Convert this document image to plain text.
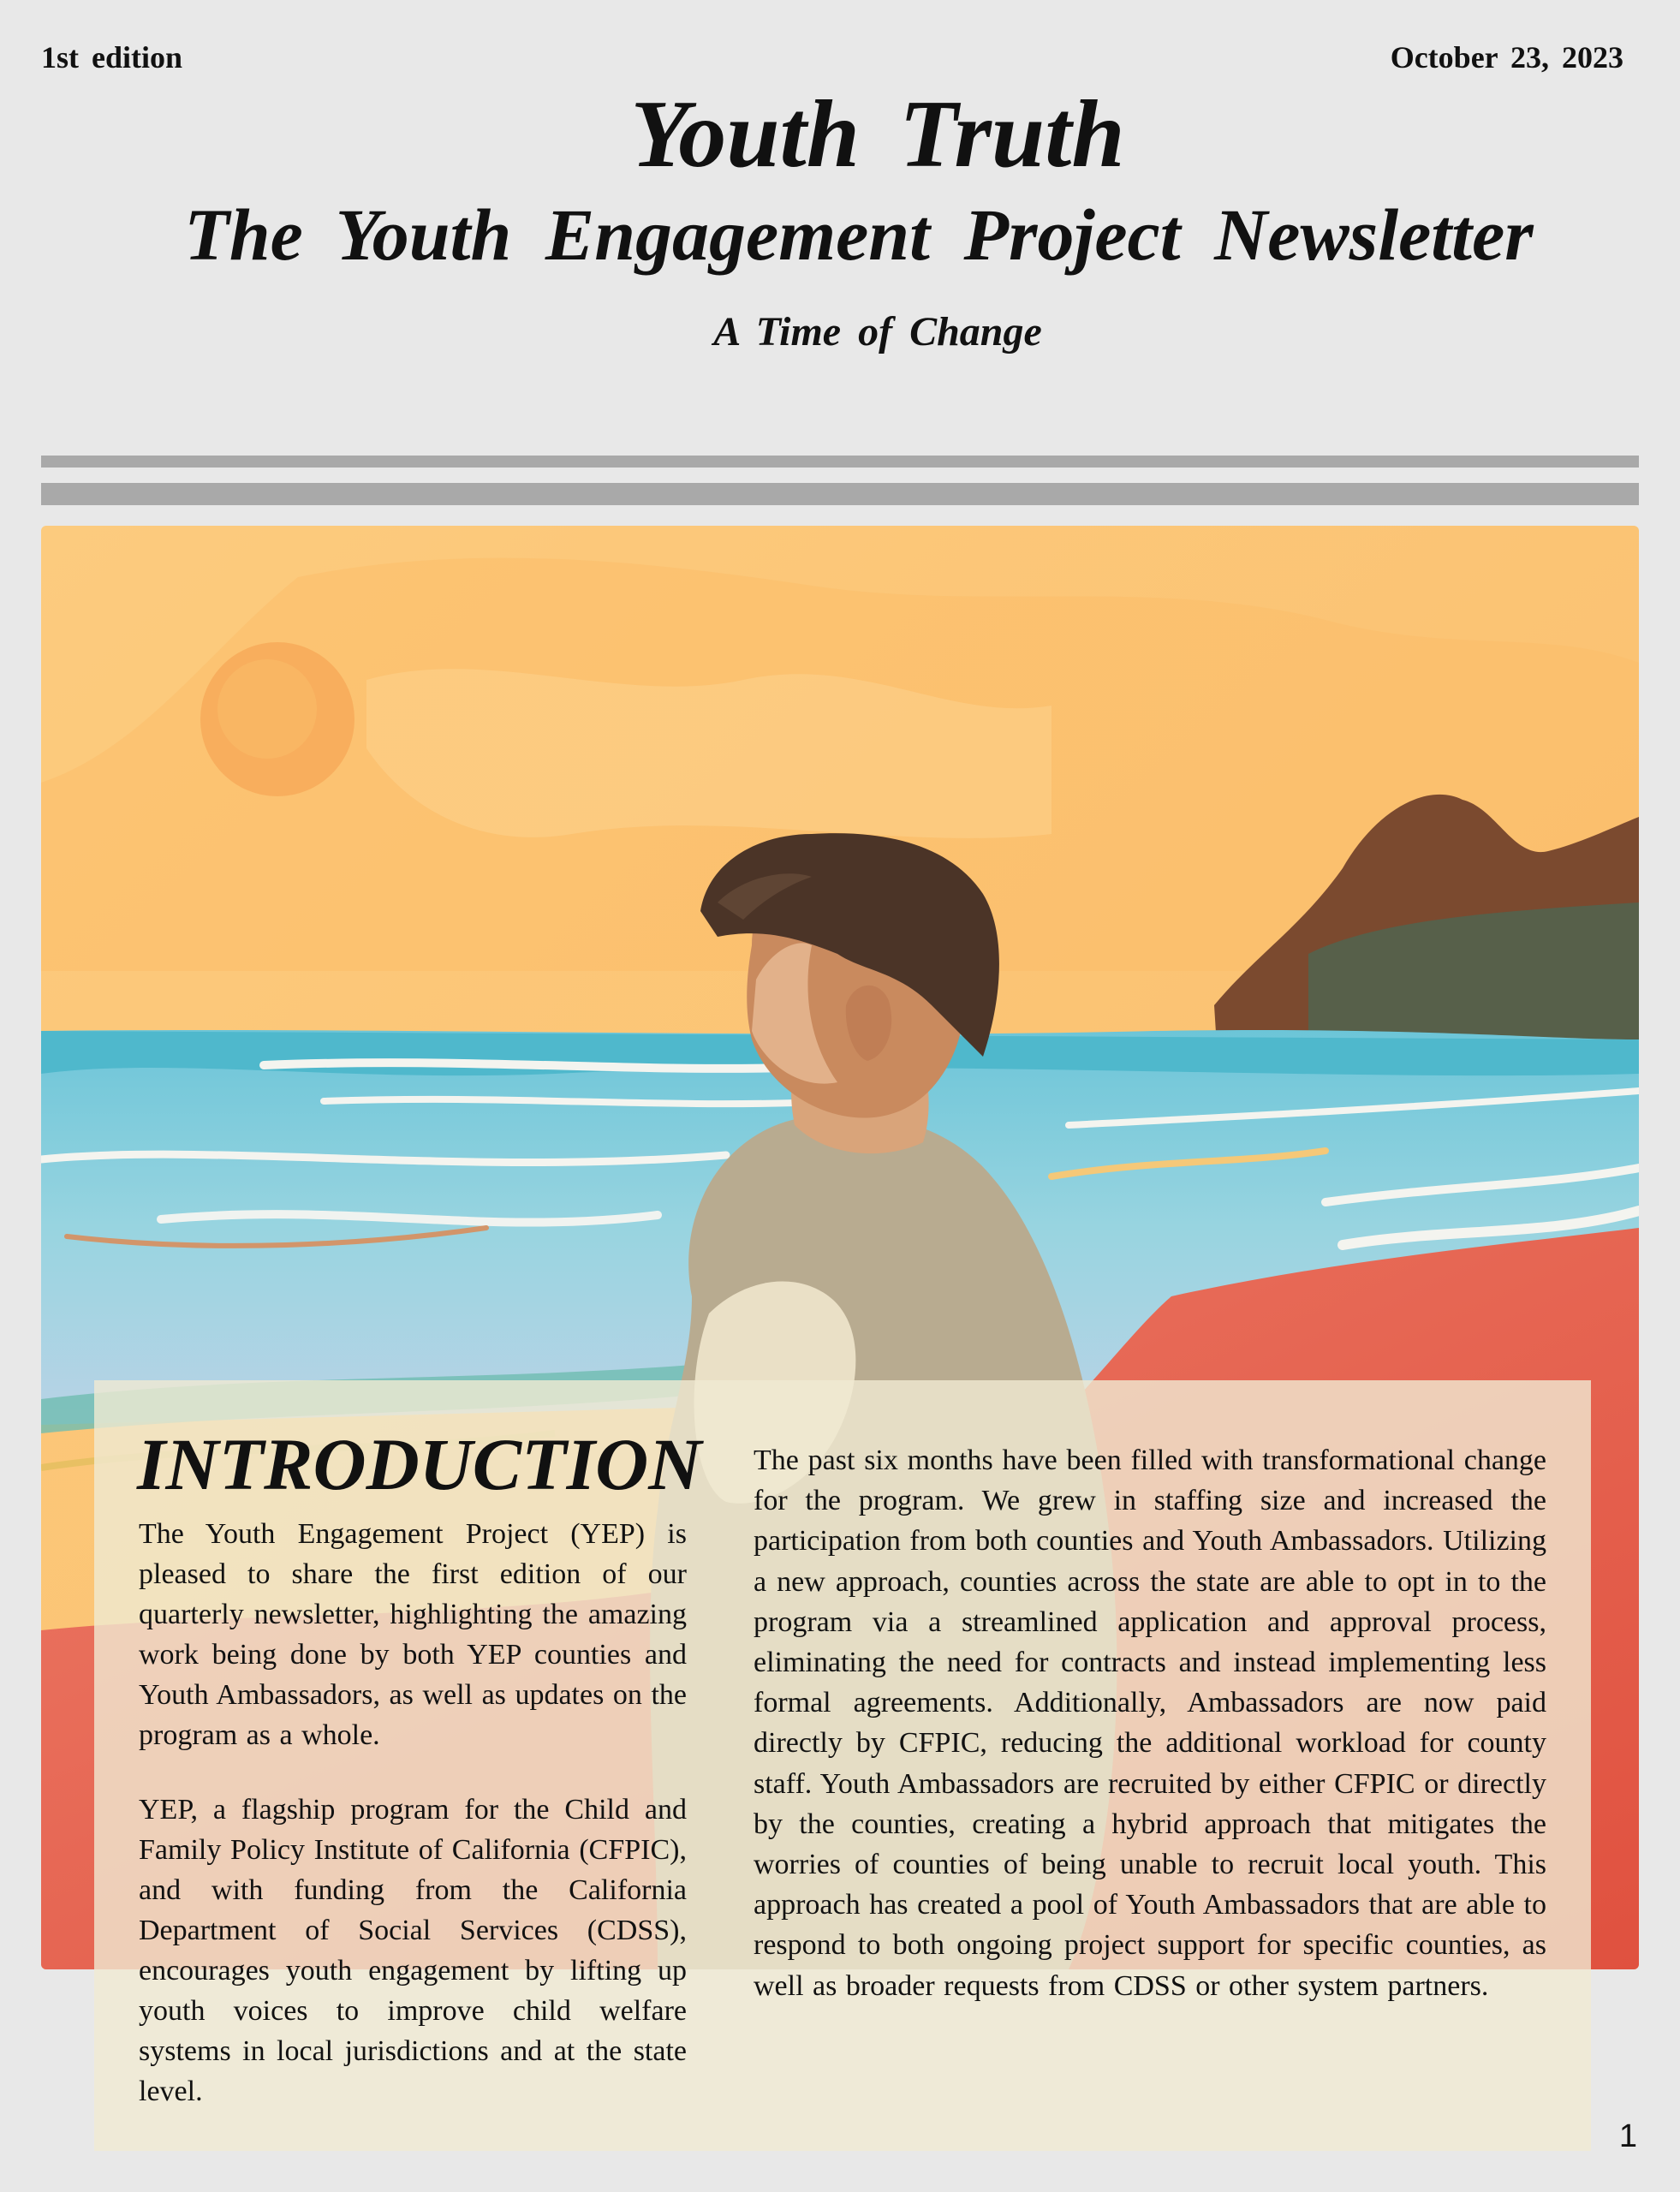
1st edition	October 23, 2023
Youth Truth
The Youth Engagement Project Newsletter
A Time of Change
INTRODUCTION

The Youth Engagement Project (YEP) is pleased to share the first edition of our quarterly newsletter, highlighting the amazing work being done by both YEP counties and Youth Ambassadors, as well as updates on the program as a whole.

YEP, a flagship program for the Child and Family Policy Institute of California (CFPIC), and with funding from the California Department of Social Services (CDSS), encourages youth engagement by lifting up youth voices to improve child welfare systems in local jurisdictions and at the state level.

The past six months have been filled with transformational change for the program. We grew in staffing size and increased the participation from both counties and Youth Ambassadors. Utilizing a new approach, counties across the state are able to opt in to the program via a streamlined application and approval process, eliminating the need for contracts and instead implementing less formal agreements. Additionally, Ambassadors are now paid directly by CFPIC, reducing the additional workload for county staff. Youth Ambassadors are recruited by either CFPIC or directly by the counties, creating a hybrid approach that mitigates the worries of counties of being unable to recruit local youth. This approach has created a pool of Youth Ambassadors that are able to respond to both ongoing project support for specific counties, as well as broader requests from CDSS or other system partners.

1
